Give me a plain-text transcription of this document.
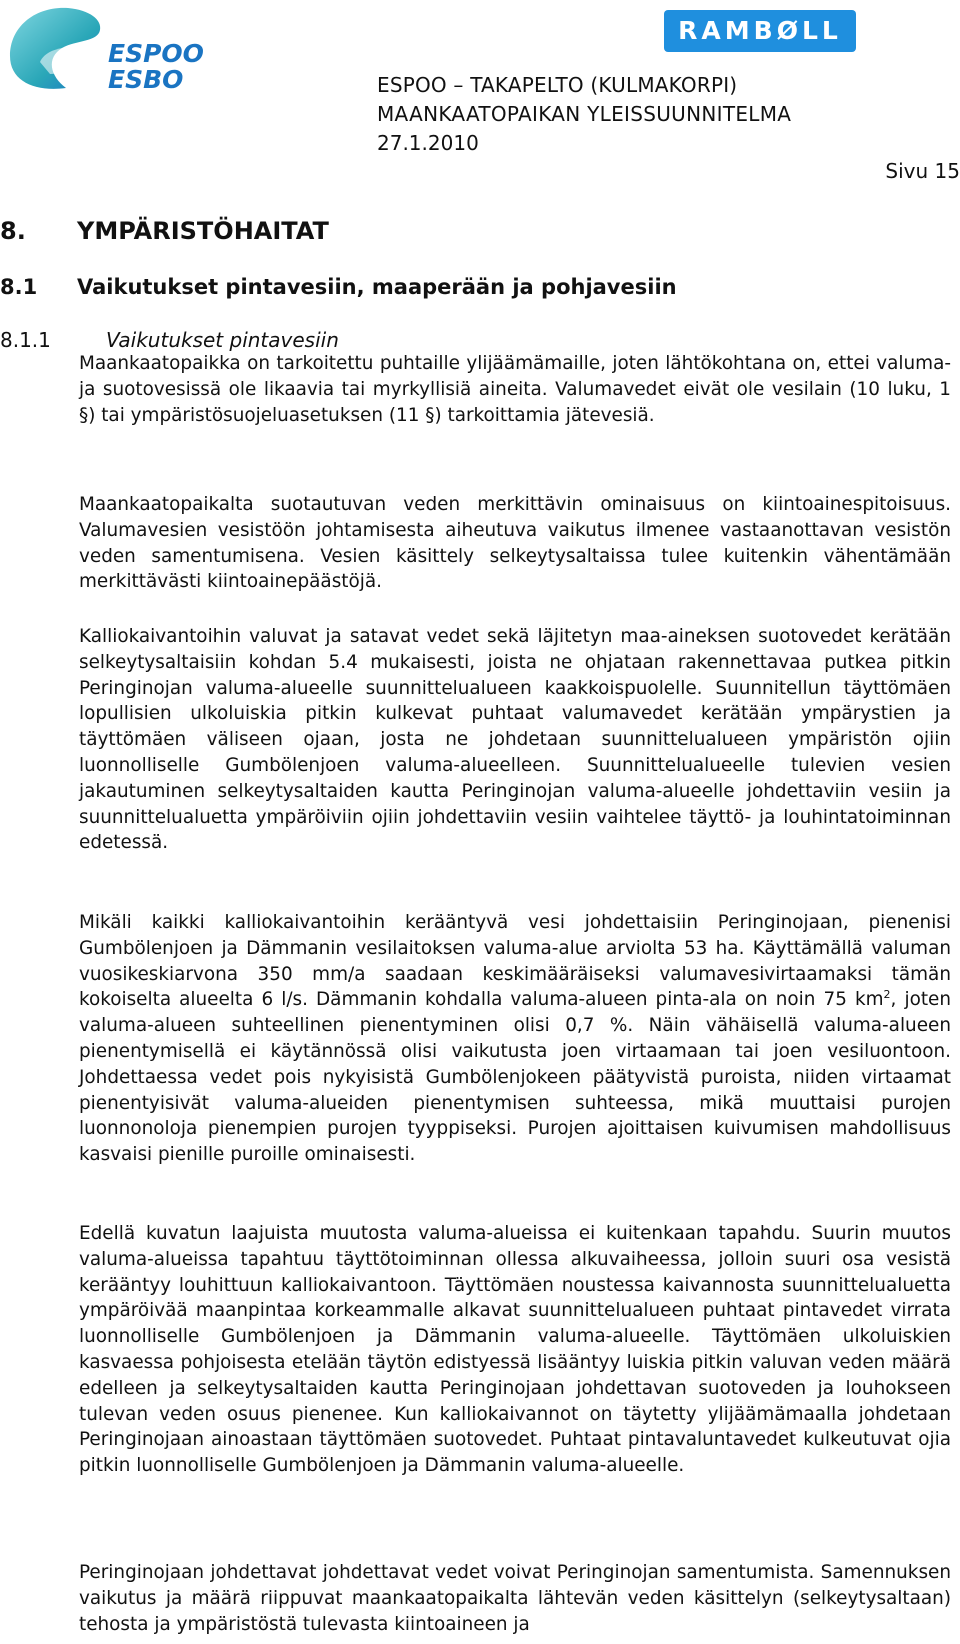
ESPOO
ESBO
RAMBØLL
ESPOO – TAKAPELTO (KULMAKORPI)
MAANKAATOPAIKAN YLEISSUUNNITELMA
27.1.2010
Sivu 15
8. YMPÄRISTÖHAITAT
8.1 Vaikutukset pintavesiin, maaperään ja pohjavesiin
8.1.1	Vaikutukset pintavesiin

Maankaatopaikka on tarkoitettu puhtaille ylijäämämaille, joten lähtökohtana on, ettei valuma- ja suotovesissä ole likaavia tai myrkyllisiä aineita. Valumavedet eivät ole vesilain (10 luku, 1 §) tai ympäristösuojeluasetuksen (11 §) tarkoittamia jätevesiä.

Maankaatopaikalta suotautuvan veden merkittävin ominaisuus on kiintoainespitoisuus. Valumavesien vesistöön johtamisesta aiheutuva vaikutus ilmenee vastaanottavan vesistön veden samentumisena. Vesien käsittely selkeytysaltaissa tulee kuitenkin vähentämään merkittävästi kiintoainepäästöjä.

Kalliokaivantoihin valuvat ja satavat vedet sekä läjitetyn maa-aineksen suotovedet kerätään selkeytysaltaisiin kohdan 5.4 mukaisesti, joista ne ohjataan rakennettavaa putkea pitkin Peringinojan valuma-alueelle suunnittelualueen kaakkoispuolelle. Suunnitellun täyttömäen lopullisien ulkoluiskia pitkin kulkevat puhtaat valumavedet kerätään ympärystien ja täyttömäen väliseen ojaan, josta ne johdetaan suunnittelualueen ympäristön ojiin luonnolliselle Gumbölenjoen valuma-alueelleen. Suunnittelualueelle tulevien vesien jakautuminen selkeytysaltaiden kautta Peringinojan valuma-alueelle johdettaviin vesiin ja suunnittelualuetta ympäröiviin ojiin johdettaviin vesiin vaihtelee täyttö- ja louhintatoiminnan edetessä.

Mikäli kaikki kalliokaivantoihin kerääntyvä vesi johdettaisiin Peringinojaan, pienenisi Gumbölenjoen ja Dämmanin vesilaitoksen valuma-alue arviolta 53 ha. Käyttämällä valuman vuosikeskiarvona 350 mm/a saadaan keskimääräiseksi valumavesivirtaamaksi tämän kokoiselta alueelta 6 l/s. Dämmanin kohdalla valuma-alueen pinta-ala on noin 75 $km^2$, joten valuma-alueen suhteellinen pienentyminen olisi 0,7 %. Näin vähäisellä valuma-alueen pienentymisellä ei käytännössä olisi vaikutusta joen virtaamaan tai joen vesiluontoon. Johdettaessa vedet pois nykyisistä Gumbölenjokeen päätyvistä puroista, niiden virtaamat pienentyisivät valuma-alueiden pienentymisen suhteessa, mikä muuttaisi purojen luonnonoloja pienempien purojen tyyppiseksi. Purojen ajoittaisen kuivumisen mahdollisuus kasvaisi pienille puroille ominaisesti.

Edellä kuvatun laajuista muutosta valuma-alueissa ei kuitenkaan tapahdu. Suurin muutos valuma-alueissa tapahtuu täyttötoiminnan ollessa alkuvaiheessa, jolloin suuri osa vesistä kerääntyy louhittuun kalliokaivantoon. Täyttömäen noustessa kaivannosta suunnittelualuetta ympäröivää maanpintaa korkeammalle alkavat suunnittelualueen puhtaat pintavedet virrata luonnolliselle Gumbölenjoen ja Dämmanin valuma-alueelle. Täyttömäen ulkoluiskien kasvaessa pohjoisesta etelään täytön edistyessä lisääntyy luiskia pitkin valuvan veden määrä edelleen ja selkeytysaltaiden kautta Peringinojaan johdettavan suotoveden ja louhokseen tulevan veden osuus pienenee. Kun kalliokaivannot on täytetty ylijäämämaalla johdetaan Peringinojaan ainoastaan täyttömäen suotovedet. Puhtaat pintavaluntavedet kulkeutuvat ojia pitkin luonnolliselle Gumbölenjoen ja Dämmanin valuma-alueelle.

Peringinojaan johdettavat johdettavat vedet voivat Peringinojan samentumista. Samennuksen vaikutus ja määrä riippuvat maankaatopaikalta lähtevän veden käsittelyn (selkeytysaltaan) tehosta ja ympäristöstä tulevasta kiintoaineen ja
